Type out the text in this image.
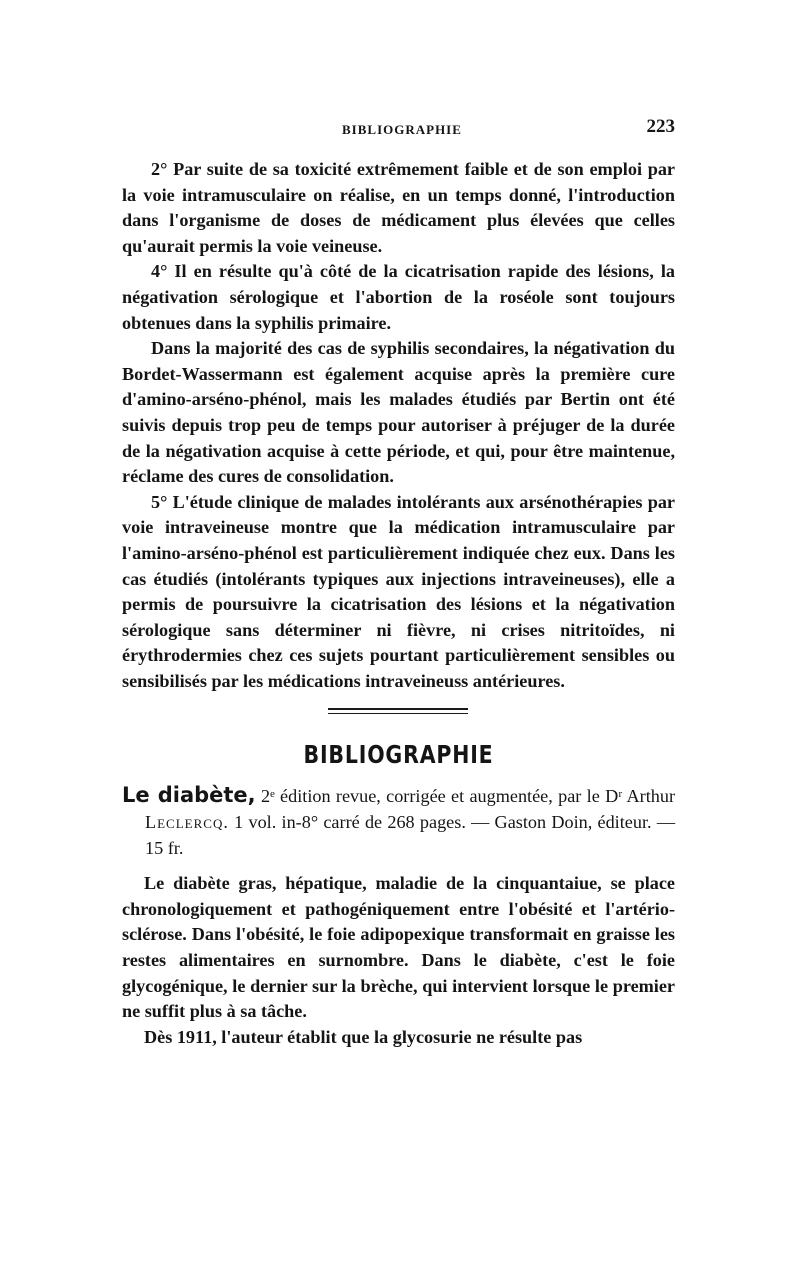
BIBLIOGRAPHIE	223

2° Par suite de sa toxicité extrêmement faible et de son emploi par la voie intramusculaire on réalise, en un temps donné, l'introduction dans l'organisme de doses de médicament plus élevées que celles qu'aurait permis la voie veineuse.

4° Il en résulte qu'à côté de la cicatrisation rapide des lésions, la négativation sérologique et l'abortion de la roséole sont toujours obtenues dans la syphilis primaire.

Dans la majorité des cas de syphilis secondaires, la négativation du Bordet-Wassermann est également acquise après la première cure d'amino-arséno-phénol, mais les malades étudiés par Bertin ont été suivis depuis trop peu de temps pour autoriser à préjuger de la durée de la négativation acquise à cette période, et qui, pour être maintenue, réclame des cures de consolidation.

5° L'étude clinique de malades intolérants aux arsénothérapies par voie intraveineuse montre que la médication intramusculaire par l'amino-arséno-phénol est particulièrement indiquée chez eux. Dans les cas étudiés (intolérants typiques aux injections intraveineuses), elle a permis de poursuivre la cicatrisation des lésions et la négativation sérologique sans déterminer ni fièvre, ni crises nitritoïdes, ni érythrodermies chez ces sujets pourtant particulièrement sensibles ou sensibilisés par les médications intraveineuss antérieures.

BIBLIOGRAPHIE
Le diabète, 2ᵉ édition revue, corrigée et augmentée, par le Dʳ Arthur Leclercq. 1 vol. in-8° carré de 268 pages. — Gaston Doin, éditeur. — 15 fr.

Le diabète gras, hépatique, maladie de la cinquantaiue, se place chronologiquement et pathogéniquement entre l'obésité et l'artério-sclérose. Dans l'obésité, le foie adipopexique transformait en graisse les restes alimentaires en surnombre. Dans le diabète, c'est le foie glycogénique, le dernier sur la brèche, qui intervient lorsque le premier ne suffit plus à sa tâche.

Dès 1911, l'auteur établit que la glycosurie ne résulte pas
